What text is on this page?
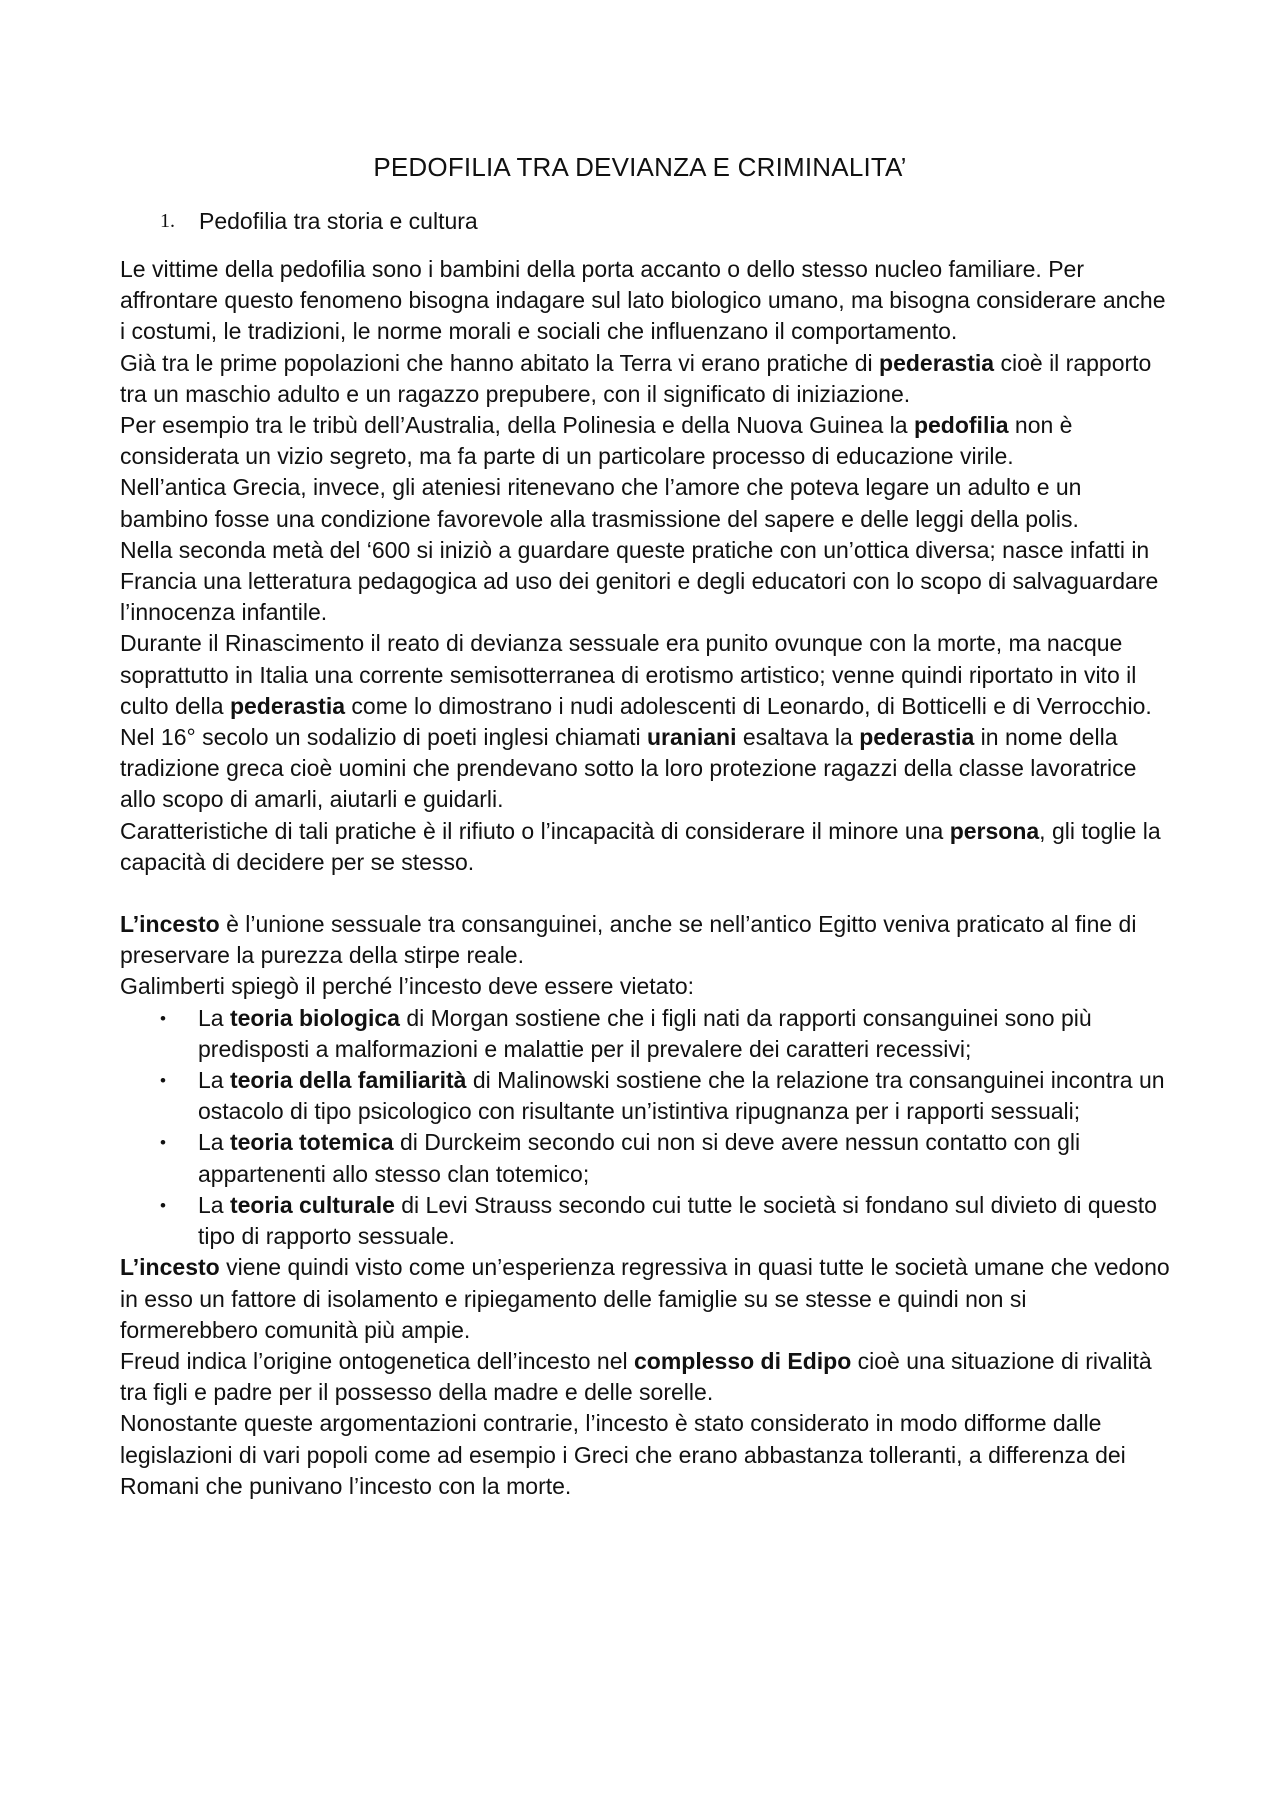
PEDOFILIA TRA DEVIANZA E CRIMINALITA’
1. Pedofilia tra storia e cultura

Le vittime della pedofilia sono i bambini della porta accanto o dello stesso nucleo familiare. Per affrontare questo fenomeno bisogna indagare sul lato biologico umano, ma bisogna considerare anche i costumi, le tradizioni, le norme morali e sociali che influenzano il comportamento.

Già tra le prime popolazioni che hanno abitato la Terra vi erano pratiche di pederastia cioè il rapporto tra un maschio adulto e un ragazzo prepubere, con il significato di iniziazione.

Per esempio tra le tribù dell’Australia, della Polinesia e della Nuova Guinea la pedofilia non è considerata un vizio segreto, ma fa parte di un particolare processo di educazione virile.

Nell’antica Grecia, invece, gli ateniesi ritenevano che l’amore che poteva legare un adulto e un bambino fosse una condizione favorevole alla trasmissione del sapere e delle leggi della polis.

Nella seconda metà del ‘600 si iniziò a guardare queste pratiche con un’ottica diversa; nasce infatti in Francia una letteratura pedagogica ad uso dei genitori e degli educatori con lo scopo di salvaguardare l’innocenza infantile.

Durante il Rinascimento il reato di devianza sessuale era punito ovunque con la morte, ma nacque soprattutto in Italia una corrente semisotterranea di erotismo artistico; venne quindi riportato in vito il culto della pederastia come lo dimostrano i nudi adolescenti di Leonardo, di Botticelli e di Verrocchio.

Nel 16° secolo un sodalizio di poeti inglesi chiamati uraniani esaltava la pederastia in nome della tradizione greca cioè uomini che prendevano sotto la loro protezione ragazzi della classe lavoratrice allo scopo di amarli, aiutarli e guidarli.

Caratteristiche di tali pratiche è il rifiuto o l’incapacità di considerare il minore una persona, gli toglie la capacità di decidere per se stesso.

L’incesto è l’unione sessuale tra consanguinei, anche se nell’antico Egitto veniva praticato al fine di preservare la purezza della stirpe reale.

Galimberti spiegò il perché l’incesto deve essere vietato:

• La teoria biologica di Morgan sostiene che i figli nati da rapporti consanguinei sono più predisposti a malformazioni e malattie per il prevalere dei caratteri recessivi;
• La teoria della familiarità di Malinowski sostiene che la relazione tra consanguinei incontra un ostacolo di tipo psicologico con risultante un’istintiva ripugnanza per i rapporti sessuali;
• La teoria totemica di Durckeim secondo cui non si deve avere nessun contatto con gli appartenenti allo stesso clan totemico;
• La teoria culturale di Levi Strauss secondo cui tutte le società si fondano sul divieto di questo tipo di rapporto sessuale.

L’incesto viene quindi visto come un’esperienza regressiva in quasi tutte le società umane che vedono in esso un fattore di isolamento e ripiegamento delle famiglie su se stesse e quindi non si formerebbero comunità più ampie.

Freud indica l’origine ontogenetica dell’incesto nel complesso di Edipo cioè una situazione di rivalità tra figli e padre per il possesso della madre e delle sorelle.

Nonostante queste argomentazioni contrarie, l’incesto è stato considerato in modo difforme dalle legislazioni di vari popoli come ad esempio i Greci che erano abbastanza tolleranti, a differenza dei Romani che punivano l’incesto con la morte.
